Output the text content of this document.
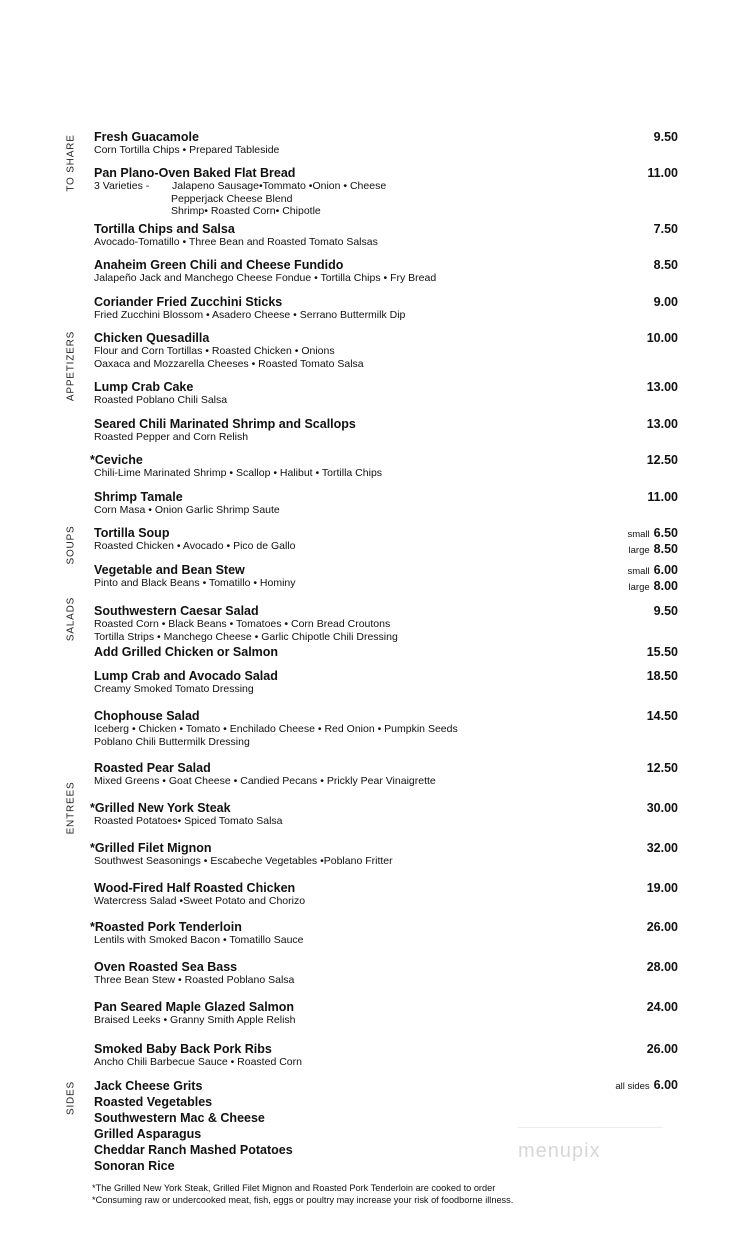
TO SHARE
APPETIZERS
SOUPS
SALADS
ENTREES
SIDES
Fresh Guacamole
Corn Tortilla Chips • Prepared Tableside
9.50
Pan Plano-Oven Baked Flat Bread
3 Varieties - Jalapeno Sausage•Tommato •Onion • Cheese
Pepperjack Cheese Blend
Shrimp• Roasted Corn• Chipotle
11.00
Tortilla Chips and Salsa
Avocado-Tomatillo • Three Bean and Roasted Tomato Salsas
7.50
Anaheim Green Chili and Cheese Fundido
Jalapeño Jack and Manchego Cheese Fondue • Tortilla Chips • Fry Bread
8.50
Coriander Fried Zucchini Sticks
Fried Zucchini Blossom • Asadero Cheese • Serrano Buttermilk Dip
9.00
Chicken Quesadilla
Flour and Corn Tortillas • Roasted Chicken • Onions
Oaxaca and Mozzarella Cheeses • Roasted Tomato Salsa
10.00
Lump Crab Cake
Roasted Poblano Chili Salsa
13.00
Seared Chili Marinated Shrimp and Scallops
Roasted Pepper and Corn Relish
13.00
*Ceviche
Chili-Lime Marinated Shrimp • Scallop • Halibut • Tortilla Chips
12.50
Shrimp Tamale
Corn Masa • Onion Garlic Shrimp Saute
11.00
Tortilla Soup
Roasted Chicken • Avocado • Pico de Gallo
small 6.50
large 8.50
Vegetable and Bean Stew
Pinto and Black Beans • Tomatillo • Hominy
small 6.00
large 8.00
Southwestern Caesar Salad
Roasted Corn • Black Beans • Tomatoes • Corn Bread Croutons
Tortilla Strips • Manchego Cheese • Garlic Chipotle Chili Dressing
9.50
Add Grilled Chicken or Salmon	15.50
Lump Crab and Avocado Salad
Creamy Smoked Tomato Dressing
18.50
Chophouse Salad
Iceberg • Chicken • Tomato • Enchilado Cheese • Red Onion • Pumpkin Seeds
Poblano Chili Buttermilk Dressing
14.50
Roasted Pear Salad
Mixed Greens • Goat Cheese • Candied Pecans • Prickly Pear Vinaigrette
12.50
*Grilled New York Steak
Roasted Potatoes• Spiced Tomato Salsa
30.00
*Grilled Filet Mignon
Southwest Seasonings • Escabeche Vegetables •Poblano Fritter
32.00
Wood-Fired Half Roasted Chicken
Watercress Salad •Sweet Potato and Chorizo
19.00
*Roasted Pork Tenderloin
Lentils with Smoked Bacon • Tomatillo Sauce
26.00
Oven Roasted Sea Bass
Three Bean Stew • Roasted Poblano Salsa
28.00
Pan Seared Maple Glazed Salmon
Braised Leeks • Granny Smith Apple Relish
24.00
Smoked Baby Back Pork Ribs
Ancho Chili Barbecue Sauce • Roasted Corn
26.00
Jack Cheese Grits
Roasted Vegetables
Southwestern Mac & Cheese
Grilled Asparagus
Cheddar Ranch Mashed Potatoes
Sonoran Rice
all sides 6.00
menupix
*The Grilled New York Steak, Grilled Filet Mignon and Roasted Pork Tenderloin are cooked to order
*Consuming raw or undercooked meat, fish, eggs or poultry may increase your risk of foodborne illness.
